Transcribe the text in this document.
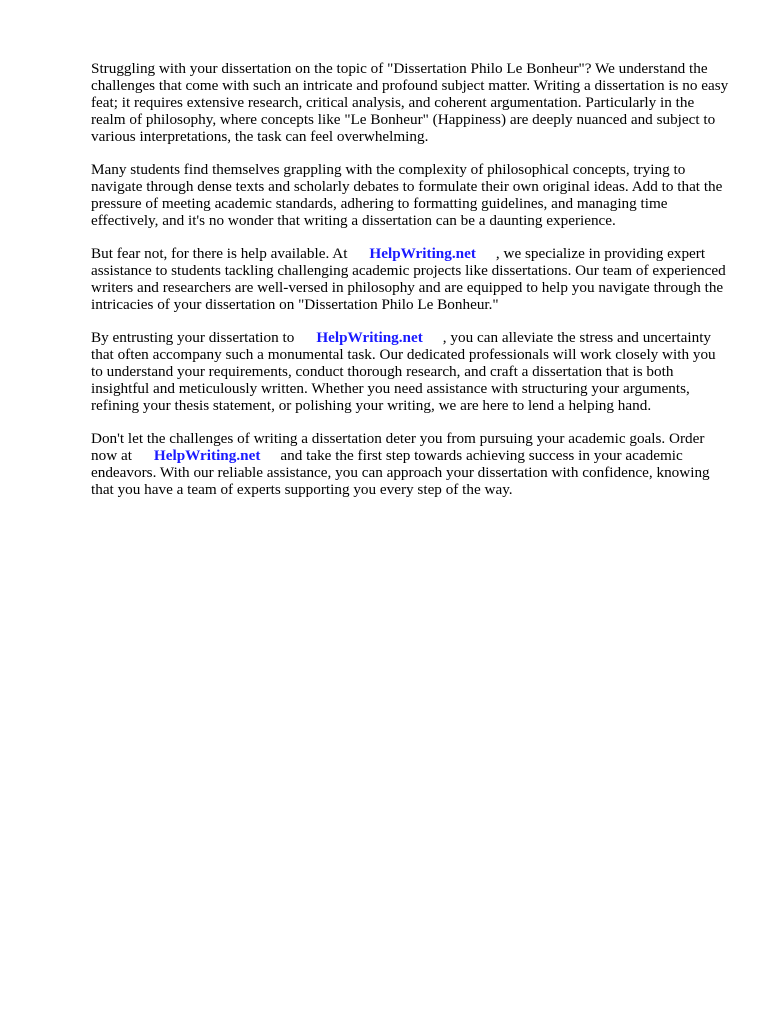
Struggling with your dissertation on the topic of "Dissertation Philo Le Bonheur"? We understand the challenges that come with such an intricate and profound subject matter. Writing a dissertation is no easy feat; it requires extensive research, critical analysis, and coherent argumentation. Particularly in the realm of philosophy, where concepts like "Le Bonheur" (Happiness) are deeply nuanced and subject to various interpretations, the task can feel overwhelming.

Many students find themselves grappling with the complexity of philosophical concepts, trying to navigate through dense texts and scholarly debates to formulate their own original ideas. Add to that the pressure of meeting academic standards, adhering to formatting guidelines, and managing time effectively, and it's no wonder that writing a dissertation can be a daunting experience.

But fear not, for there is help available. At HelpWriting.net , we specialize in providing expert assistance to students tackling challenging academic projects like dissertations. Our team of experienced writers and researchers are well-versed in philosophy and are equipped to help you navigate through the intricacies of your dissertation on "Dissertation Philo Le Bonheur."

By entrusting your dissertation to HelpWriting.net , you can alleviate the stress and uncertainty that often accompany such a monumental task. Our dedicated professionals will work closely with you to understand your requirements, conduct thorough research, and craft a dissertation that is both insightful and meticulously written. Whether you need assistance with structuring your arguments, refining your thesis statement, or polishing your writing, we are here to lend a helping hand.

Don't let the challenges of writing a dissertation deter you from pursuing your academic goals. Order now at HelpWriting.net and take the first step towards achieving success in your academic endeavors. With our reliable assistance, you can approach your dissertation with confidence, knowing that you have a team of experts supporting you every step of the way.
